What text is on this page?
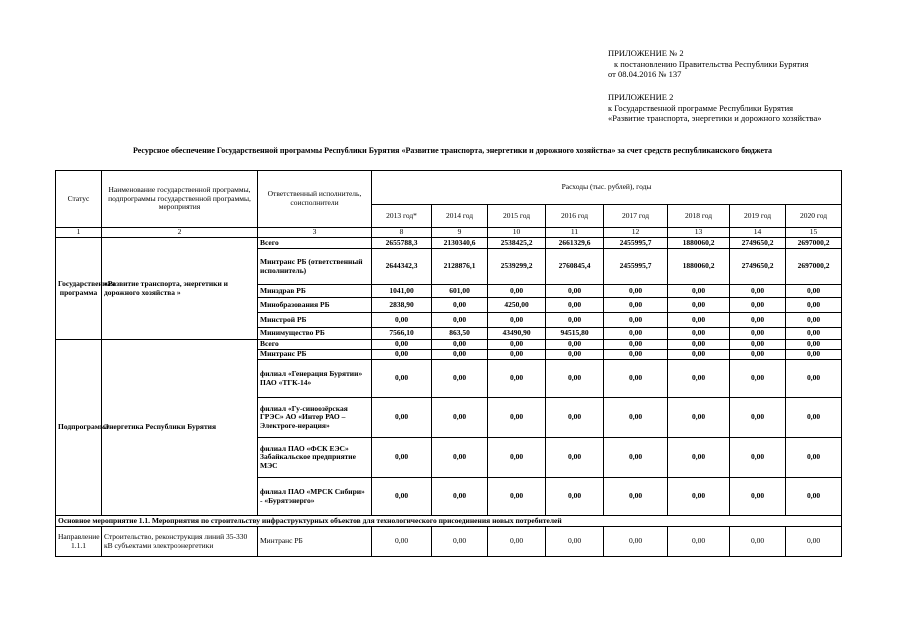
ПРИЛОЖЕНИЕ № 2
к постановлению Правительства Республики Бурятия
от 08.04.2016 № 137
ПРИЛОЖЕНИЕ 2
к Государственной программе Республики Бурятия
«Развитие транспорта, энергетики и дорожного хозяйства»
Ресурсное обеспечение Государственной программы Республики Бурятия «Развитие транспорта, энергетики и дорожного хозяйства» за счет средств республиканского бюджета
Статус	Наименование государственной программы, подпрограммы государственной программы, мероприятия	Ответственный исполнитель, соисполнители	Расходы (тыс. рублей), годы							
			2013 год*	2014 год	2015 год	2016 год	2017 год	2018 год	2019 год	2020 год
1	2	3	8	9	10	11	12	13	14	15
Государственная программа	«Развитие транспорта, энергетики и дорожного хозяйства »	Всего	2655788,3	2130340,6	2538425,2	2661329,6	2455995,7	1880060,2	2749650,2	2697000,2
		Минтранс РБ (ответственный исполнитель)	2644342,3	2128876,1	2539299,2	2760845,4	2455995,7	1880060,2	2749650,2	2697000,2
		Минздрав РБ	1041,00	601,00	0,00	0,00	0,00	0,00	0,00	0,00
		Минобразования РБ	2838,90	0,00	4250,00	0,00	0,00	0,00	0,00	0,00
		Минстрой РБ	0,00	0,00	0,00	0,00	0,00	0,00	0,00	0,00
		Минимущество РБ	7566,10	863,50	43490,90	94515,80	0,00	0,00	0,00	0,00
Подпрограмма	Энергетика Республики Бурятия	Всего	0,00	0,00	0,00	0,00	0,00	0,00	0,00	0,00
		Минтранс РБ	0,00	0,00	0,00	0,00	0,00	0,00	0,00	0,00
		филиал «Генерация Бурятии» ПАО «ТГК-14»	0,00	0,00	0,00	0,00	0,00	0,00	0,00	0,00
		филиал «Гу-синоозёрская ГРЭС» АО «Интер РАО – Электроге-нерация»	0,00	0,00	0,00	0,00	0,00	0,00	0,00	0,00
		филиал ПАО «ФСК ЕЭС» Забайкальское предприятие МЭС	0,00	0,00	0,00	0,00	0,00	0,00	0,00	0,00
		филиал ПАО «МРСК Сибири» - «Бурятэнерго»	0,00	0,00	0,00	0,00	0,00	0,00	0,00	0,00
Основное мероприятие 1.1. Мероприятия по строительству инфраструктурных объектов для технологического присоединения новых потребителей										
Направление 1.1.1	Строительство, реконструкция линий 35-330 кВ субъектами электроэнергетики	Минтранс РБ	0,00	0,00	0,00	0,00	0,00	0,00	0,00	0,00
